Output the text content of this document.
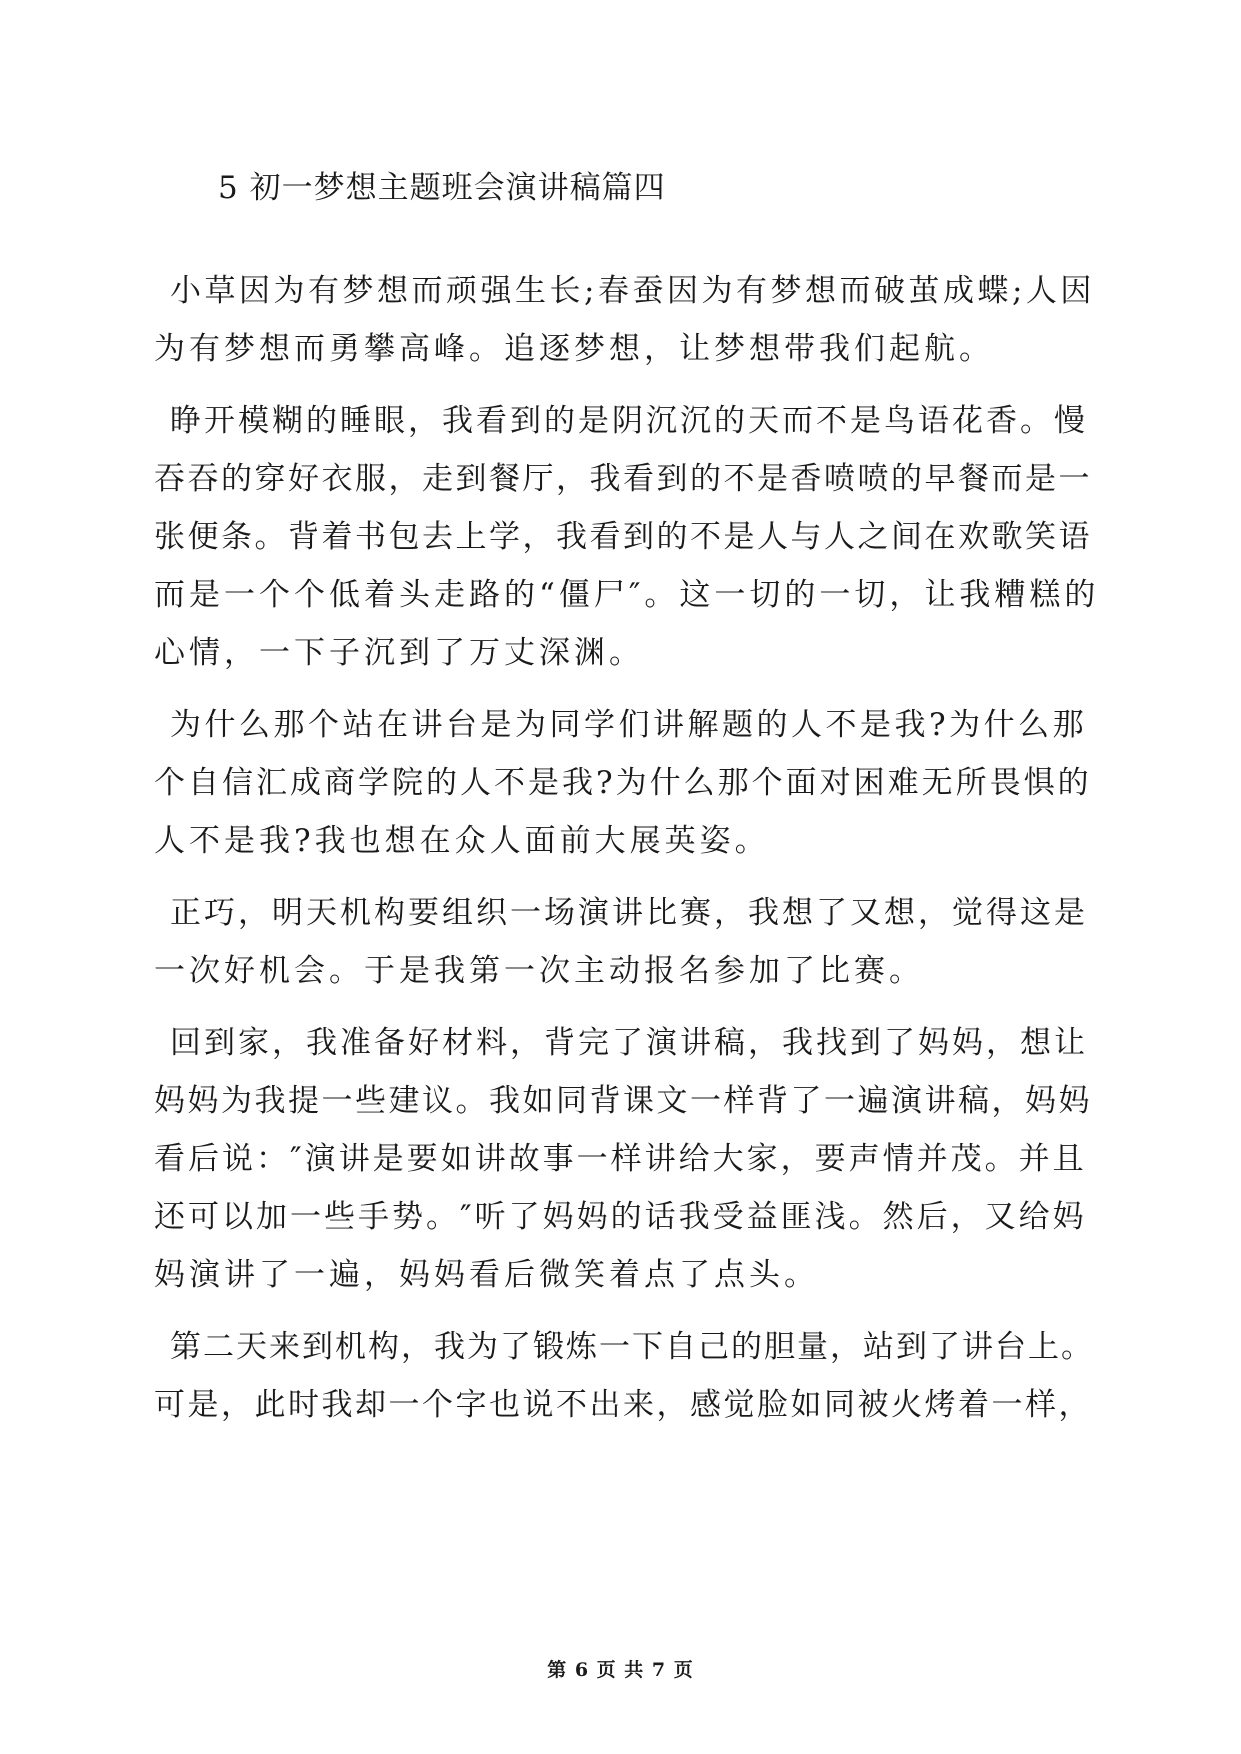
5 初一梦想主题班会演讲稿篇四
小草因为有梦想而顽强生长;春蚕因为有梦想而破茧成蝶;人因
为有梦想而勇攀高峰。追逐梦想，让梦想带我们起航。
睁开模糊的睡眼，我看到的是阴沉沉的天而不是鸟语花香。慢
吞吞的穿好衣服，走到餐厅，我看到的不是香喷喷的早餐而是一
张便条。背着书包去上学，我看到的不是人与人之间在欢歌笑语
而是一个个低着头走路的“僵尸″。这一切的一切，让我糟糕的
心情，一下子沉到了万丈深渊。
为什么那个站在讲台是为同学们讲解题的人不是我?为什么那
个自信汇成商学院的人不是我?为什么那个面对困难无所畏惧的
人不是我?我也想在众人面前大展英姿。
正巧，明天机构要组织一场演讲比赛，我想了又想，觉得这是
一次好机会。于是我第一次主动报名参加了比赛。
回到家，我准备好材料，背完了演讲稿，我找到了妈妈，想让
妈妈为我提一些建议。我如同背课文一样背了一遍演讲稿，妈妈
看后说：″演讲是要如讲故事一样讲给大家，要声情并茂。并且
还可以加一些手势。″听了妈妈的话我受益匪浅。然后，又给妈
妈演讲了一遍，妈妈看后微笑着点了点头。
第二天来到机构，我为了锻炼一下自己的胆量，站到了讲台上。
可是，此时我却一个字也说不出来，感觉脸如同被火烤着一样，
第 6 页 共 7 页
